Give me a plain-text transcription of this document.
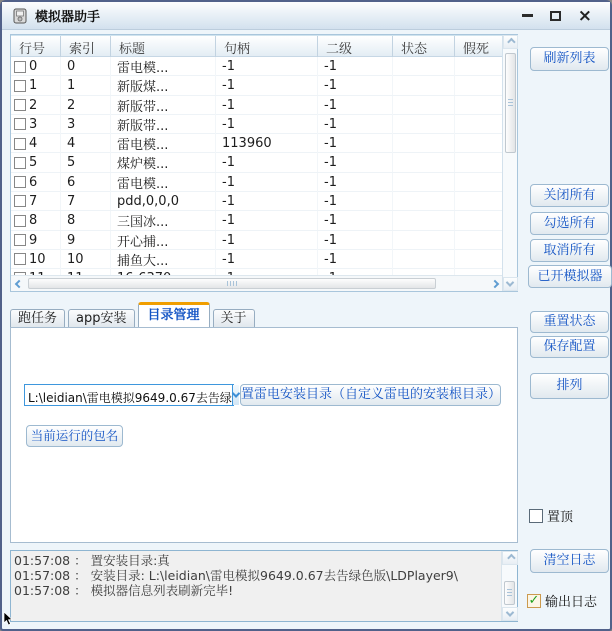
模拟器助手	×
行号	索引	标题	句柄	二级	状态	假死
0	0	雷电模...	-1	-1
1	1	新版煤...	-1	-1
2	2	新版带...	-1	-1
3	3	新版带...	-1	-1
4	4	雷电模...	113960	-1
5	5	煤炉模...	-1	-1
6	6	雷电模...	-1	-1
7	7	pdd,0,0,0	-1	-1
8	8	三国冰...	-1	-1
9	9	开心捕...	-1	-1
10	10	捕鱼大...	-1	-1
刷新列表
关闭所有
勾选所有
取消所有
已开模拟器
重置状态
保存配置
排列
清空日志
置顶
✓ 输出日志
跑任务	app安装	目录管理	关于
L:\leidian\雷电模拟9649.0.67去告绿 置雷电安装目录（自定义雷电的安装根目录）
当前运行的包名
01:57:08 ： 置安装目录:真
01:57:08 ： 安装目录: L:\leidian\雷电模拟9649.0.67去告绿色版\LDPlayer9\
01:57:08 ： 模拟器信息列表刷新完毕!
